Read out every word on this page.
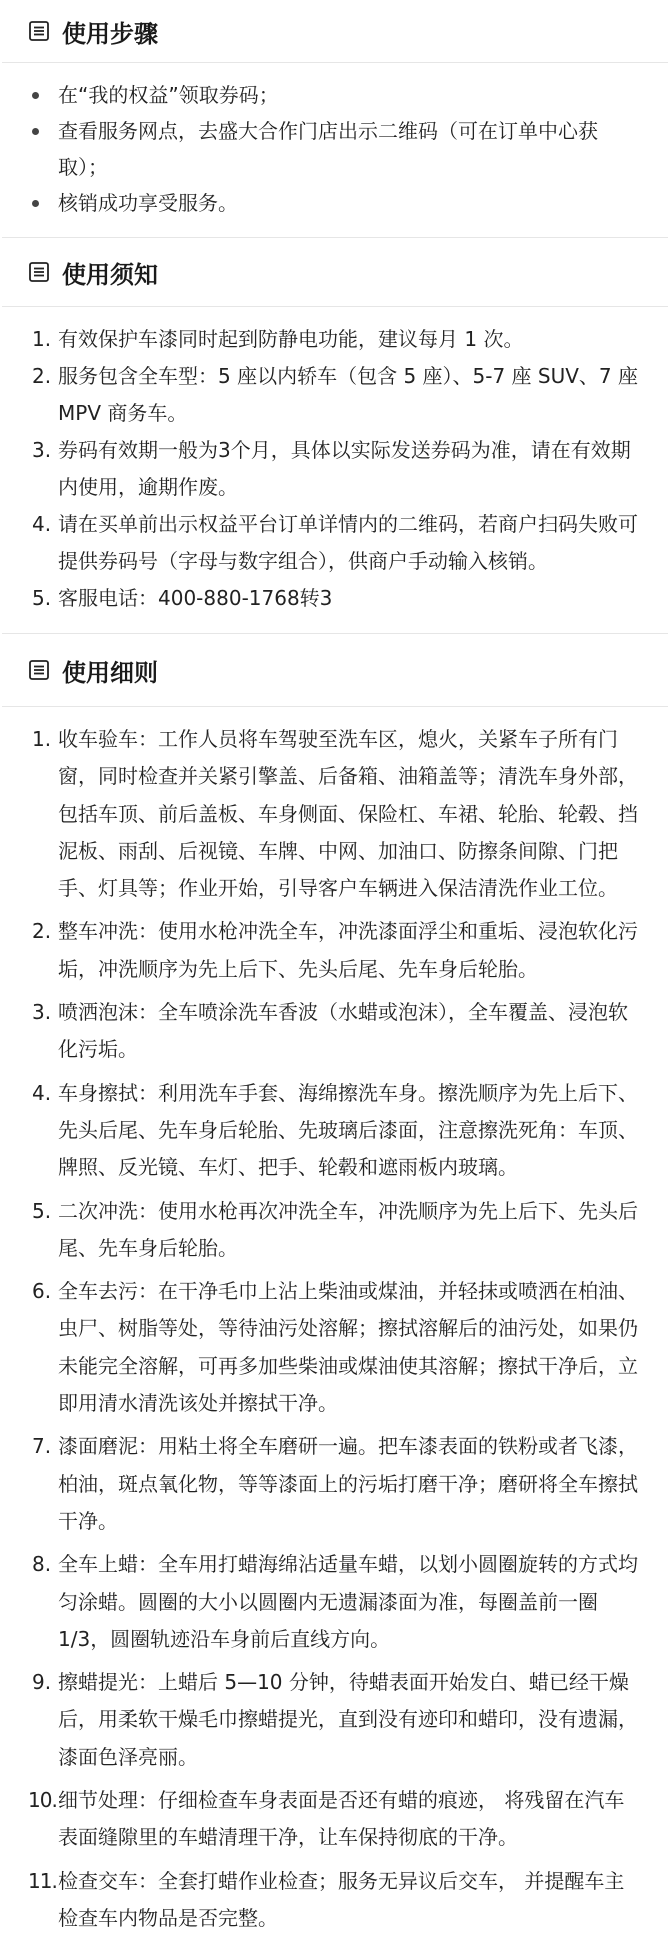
使用步骤
在“我的权益”领取券码；
查看服务网点，去盛大合作门店出示二维码（可在订单中心获取）；
核销成功享受服务。
使用须知
1. 有效保护车漆同时起到防静电功能，建议每月 1 次。
2. 服务包含全车型：5 座以内轿车（包含 5 座）、5-7 座 SUV、7 座 MPV 商务车。
3. 券码有效期一般为3个月，具体以实际发送券码为准，请在有效期内使用，逾期作废。
4. 请在买单前出示权益平台订单详情内的二维码，若商户扫码失败可提供券码号（字母与数字组合），供商户手动输入核销。
5. 客服电话：400-880-1768转3
使用细则
1. 收车验车：工作人员将车驾驶至洗车区，熄火，关紧车子所有门 窗，同时检查并关紧引擎盖、后备箱、油箱盖等；清洗车身外部，包括车顶、前后盖板、车身侧面、保险杠、车裙、轮胎、轮毂、挡泥板、雨刮、后视镜、车牌、中网、加油口、防擦条间隙、门把手、灯具等；作业开始，引导客户车辆进入保洁清洗作业工位。
2. 整车冲洗：使用水枪冲洗全车，冲洗漆面浮尘和重垢、浸泡软化污垢，冲洗顺序为先上后下、先头后尾、先车身后轮胎。
3. 喷洒泡沫：全车喷涂洗车香波（水蜡或泡沫），全车覆盖、浸泡软化污垢。
4. 车身擦拭：利用洗车手套、海绵擦洗车身。擦洗顺序为先上后下、先头后尾、先车身后轮胎、先玻璃后漆面，注意擦洗死角：车顶、牌照、反光镜、车灯、把手、轮毂和遮雨板内玻璃。
5. 二次冲洗：使用水枪再次冲洗全车，冲洗顺序为先上后下、先头后尾、先车身后轮胎。
6. 全车去污：在干净毛巾上沾上柴油或煤油，并轻抹或喷洒在柏油、虫尸、树脂等处，等待油污处溶解；擦拭溶解后的油污处，如果仍未能完全溶解，可再多加些柴油或煤油使其溶解；擦拭干净后，立即用清水清洗该处并擦拭干净。
7. 漆面磨泥：用粘土将全车磨研一遍。把车漆表面的铁粉或者飞漆，柏油，斑点氧化物，等等漆面上的污垢打磨干净；磨研将全车擦拭干净。
8. 全车上蜡：全车用打蜡海绵沾适量车蜡，以划小圆圈旋转的方式均匀涂蜡。圆圈的大小以圆圈内无遗漏漆面为准，每圈盖前一圈 1/3，圆圈轨迹沿车身前后直线方向。
9. 擦蜡提光：上蜡后 5—10 分钟，待蜡表面开始发白、蜡已经干燥后，用柔软干燥毛巾擦蜡提光，直到没有迹印和蜡印，没有遗漏，漆面色泽亮丽。
10. 细节处理：仔细检查车身表面是否还有蜡的痕迹， 将残留在汽车表面缝隙里的车蜡清理干净，让车保持彻底的干净。
11. 检查交车：全套打蜡作业检查；服务无异议后交车， 并提醒车主检查车内物品是否完整。
